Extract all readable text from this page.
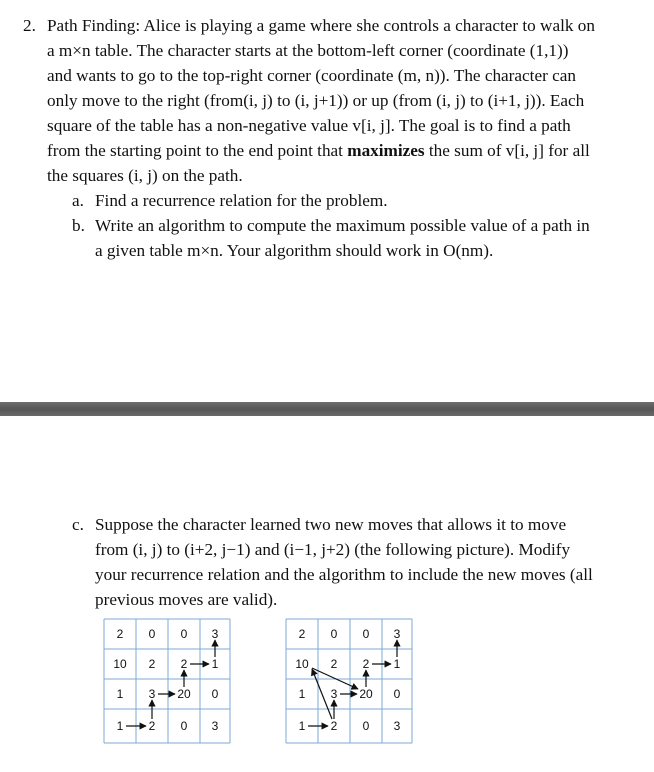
2. Path Finding: Alice is playing a game where she controls a character to walk on
a m×n table. The character starts at the bottom-left corner (coordinate (1,1))
and wants to go to the top-right corner (coordinate (m, n)). The character can
only move to the right (from(i, j) to (i, j+1)) or up (from (i, j) to (i+1, j)). Each
square of the table has a non-negative value v[i, j]. The goal is to find a path
from the starting point to the end point that maximizes the sum of v[i, j] for all
the squares (i, j) on the path.
a. Find a recurrence relation for the problem.
b. Write an algorithm to compute the maximum possible value of a path in
a given table m×n. Your algorithm should work in O(nm).
c. Suppose the character learned two new moves that allows it to move
from (i, j) to (i+2, j−1) and (i−1, j+2) (the following picture). Modify
your recurrence relation and the algorithm to include the new moves (all
previous moves are valid).
2 0 0 3
10 2 2 1
1 3 20 0
1 2 0 3
2 0 0 3
10 2 2 1
1 3 20 0
1 2 0 3
